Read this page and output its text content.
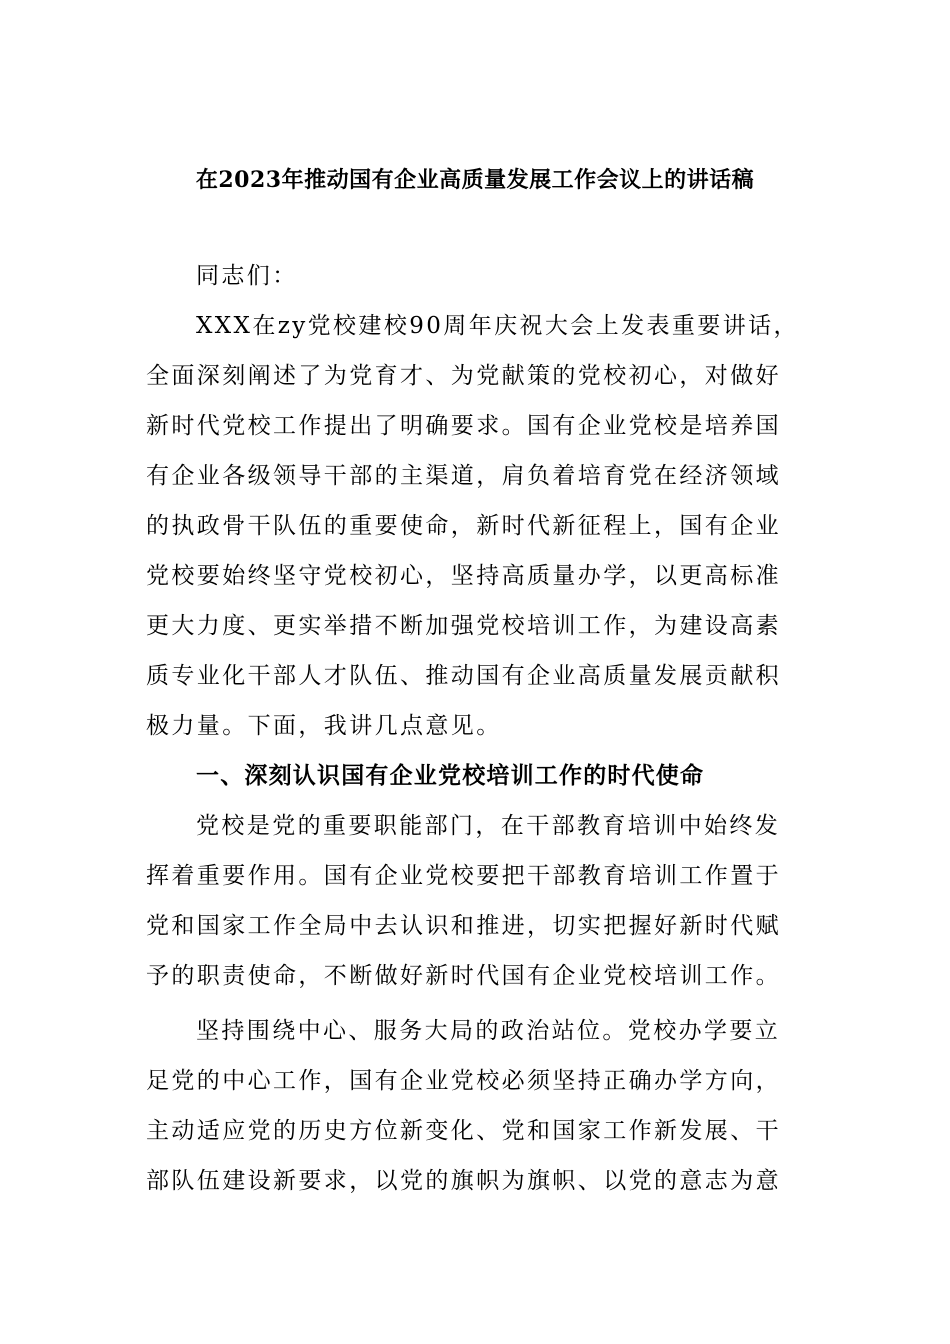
在2023年推动国有企业高质量发展工作会议上的讲话稿
同志们：
XXX在zy党校建校90周年庆祝大会上发表重要讲话，
全面深刻阐述了为党育才、为党献策的党校初心，对做好
新时代党校工作提出了明确要求。国有企业党校是培养国
有企业各级领导干部的主渠道，肩负着培育党在经济领域
的执政骨干队伍的重要使命，新时代新征程上，国有企业
党校要始终坚守党校初心，坚持高质量办学，以更高标准
更大力度、更实举措不断加强党校培训工作，为建设高素
质专业化干部人才队伍、推动国有企业高质量发展贡献积
极力量。下面，我讲几点意见。
一、深刻认识国有企业党校培训工作的时代使命
党校是党的重要职能部门，在干部教育培训中始终发
挥着重要作用。国有企业党校要把干部教育培训工作置于
党和国家工作全局中去认识和推进，切实把握好新时代赋
予的职责使命，不断做好新时代国有企业党校培训工作。
坚持围绕中心、服务大局的政治站位。党校办学要立
足党的中心工作，国有企业党校必须坚持正确办学方向，
主动适应党的历史方位新变化、党和国家工作新发展、干
部队伍建设新要求，以党的旗帜为旗帜、以党的意志为意
